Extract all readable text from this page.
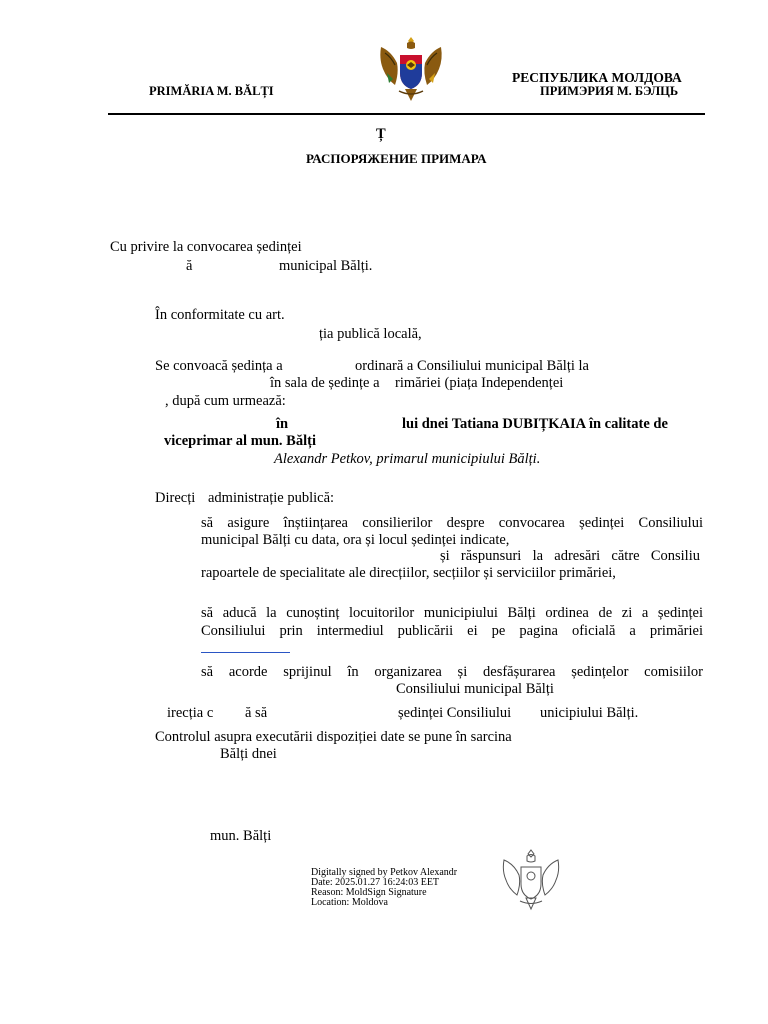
PRIMĂRIA M. BĂLȚI
РЕСПУБЛИКА МОЛДОВА
ПРИМЭРИЯ М. БЭЛЦЬ
Ț
РАСПОРЯЖЕНИЕ ПРИМАРА
Cu privire la convocarea ședinței
ă	municipal Bălți.
În conformitate cu art.
ția publică locală,
Se convoacă ședința a	ordinară a Consiliului municipal Bălți la
în sala de ședințe a rimăriei (piața Independenței
, după cum urmează:
în	lui dnei Tatiana DUBIȚKAIA în calitate de
viceprimar al mun. Bălți
Alexandr Petkov, primarul municipiului Bălți.
Direcți administrație publică:
să asigure înștiințarea consilierilor despre convocarea ședinței Consiliului
municipal Bălți cu data, ora și locul ședinței indicate,
și răspunsuri la adresări către Consiliu
rapoartele de specialitate ale direcțiilor, secțiilor și serviciilor primăriei,
să aducă la cunoștinț locuitorilor municipiului Bălți ordinea de zi a ședinței
Consiliului prin intermediul publicării ei pe pagina oficială a primăriei
să acorde sprijinul în organizarea și desfășurarea ședințelor comisiilor
Consiliului municipal Bălți
irecția c ă să	ședinței Consiliului unicipiului Bălți.
Controlul asupra executării dispoziției date se pune în sarcina
Bălți dnei
mun. Bălți
Digitally signed by Petkov Alexandr
Date: 2025.01.27 16:24:03 EET
Reason: MoldSign Signature
Location: Moldova
